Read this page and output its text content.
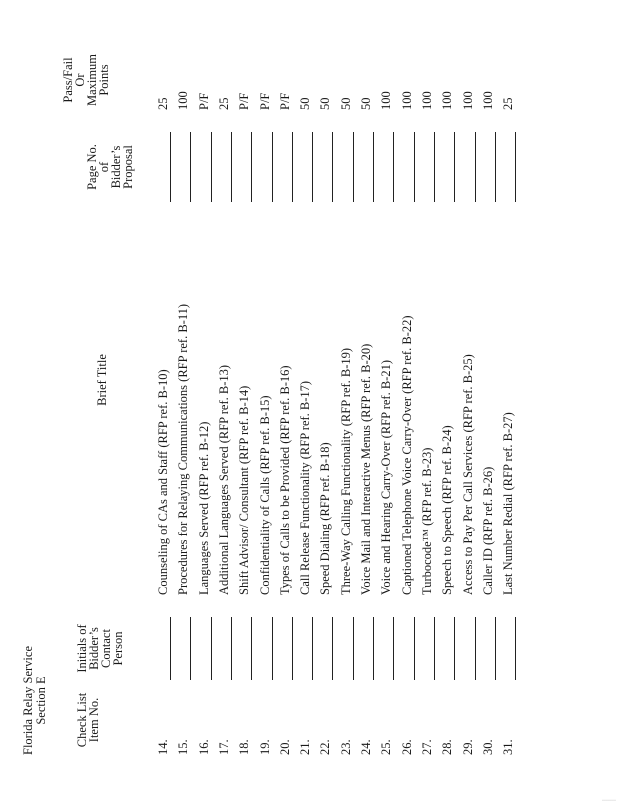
Florida Relay Service Section E Check List
Item No.
Initials of
Bidder’s
Contact
Person
Brief Title
Page No.
of
Bidder’s
Proposal
Pass/Fail
Or
Maximum
Points
14.
Counseling of CAs and Staff (RFP ref. B-10)
25
15.
Procedures for Relaying Communications (RFP ref. B-11)
100
16.
Languages Served (RFP ref. B-12)
P/F
17.
Additional Languages Served (RFP ref. B-13)
25
18.
Shift Advisor/ Consultant (RFP ref. B-14)
P/F
19.
Confidentiality of Calls (RFP ref. B-15)
P/F
20.
Types of Calls to be Provided (RFP ref. B-16)
P/F
21.
Call Release Functionality (RFP ref. B-17)
50
22.
Speed Dialing (RFP ref. B-18)
50
23.
Three-Way Calling Functionality (RFP ref. B-19)
50
24.
Voice Mail and Interactive Menus (RFP ref. B-20)
50
25.
Voice and Hearing Carry-Over (RFP ref. B-21)
100
26.
Captioned Telephone Voice Carry-Over (RFP ref. B-22)
100
27.
Turbocode™ (RFP ref. B-23)
100
28.
Speech to Speech (RFP ref. B-24)
100
29.
Access to Pay Per Call Services (RFP ref. B-25)
100
30.
Caller ID (RFP ref. B-26)
100
31.
Last Number Redial (RFP ref. B-27)
25
·······
